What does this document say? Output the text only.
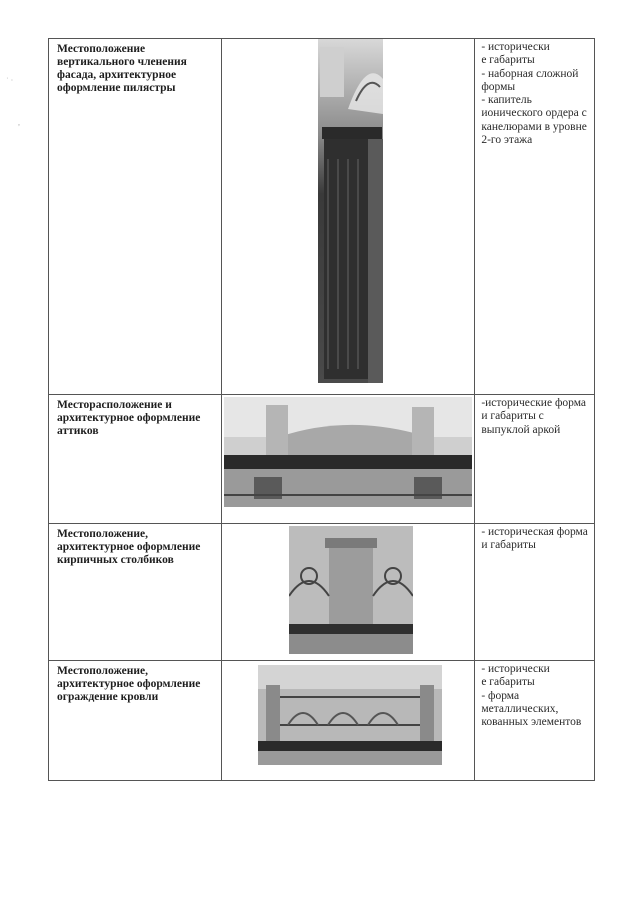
˙ ·
,
Местоположение вертикального членения фасада, архитектурное оформление пилястры		- исторически
е габариты
- наборная сложной формы
- капитель ионического ордера с канелюрами в уровне 2-го этажа

Месторасположение и архитектурное оформление аттиков		-исторические форма и габариты с выпуклой аркой

Местоположение, архитектурное оформление кирпичных столбиков		- историческая форма и габариты

Местоположение, архитектурное оформление ограждение кровли		- исторически
е габариты
- форма металлических, кованных элементов
